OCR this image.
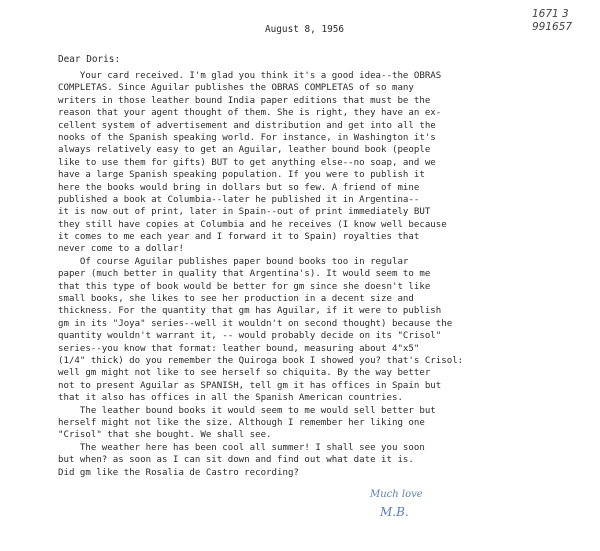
1671 3
991657
August 8, 1956
Dear Doris:
Your card received. I'm glad you think it's a good idea--the OBRAS
COMPLETAS. Since Aguilar publishes the OBRAS COMPLETAS of so many
writers in those leather bound India paper editions that must be the
reason that your agent thought of them. She is right, they have an ex-
cellent system of advertisement and distribution and get into all the
nooks of the Spanish speaking world. For instance, in Washington it's
always relatively easy to get an Aguilar, leather bound book (people
like to use them for gifts) BUT to get anything else--no soap, and we
have a large Spanish speaking population. If you were to publish it
here the books would bring in dollars but so few. A friend of mine
published a book at Columbia--later he published it in Argentina--
it is now out of print, later in Spain--out of print immediately BUT
they still have copies at Columbia and he receives (I know well because
it comes to me each year and I forward it to Spain) royalties that
never come to a dollar!
Of course Aguilar publishes paper bound books too in regular
paper (much better in quality that Argentina's). It would seem to me
that this type of book would be better for gm since she doesn't like
small books, she likes to see her production in a decent size and
thickness. For the quantity that gm has Aguilar, if it were to publish
gm in its "Joya" series--well it wouldn't on second thought) because the
quantity wouldn't warrant it, -- would probably decide on its "Crisol"
series--you know that format: leather bound, measuring about 4"x5"
(1/4" thick) do you remember the Quiroga book I showed you? that's Crisol:
well gm might not like to see herself so chiquita. By the way better
not to present Aguilar as SPANISH, tell gm it has offices in Spain but
that it also has offices in all the Spanish American countries.
The leather bound books it would seem to me would sell better but
herself might not like the size. Although I remember her liking one
"Crisol" that she bought. We shall see.
The weather here has been cool all summer! I shall see you soon
but when? as soon as I can sit down and find out what date it is.
Did gm like the Rosalia de Castro recording?
Much love
M.B.
